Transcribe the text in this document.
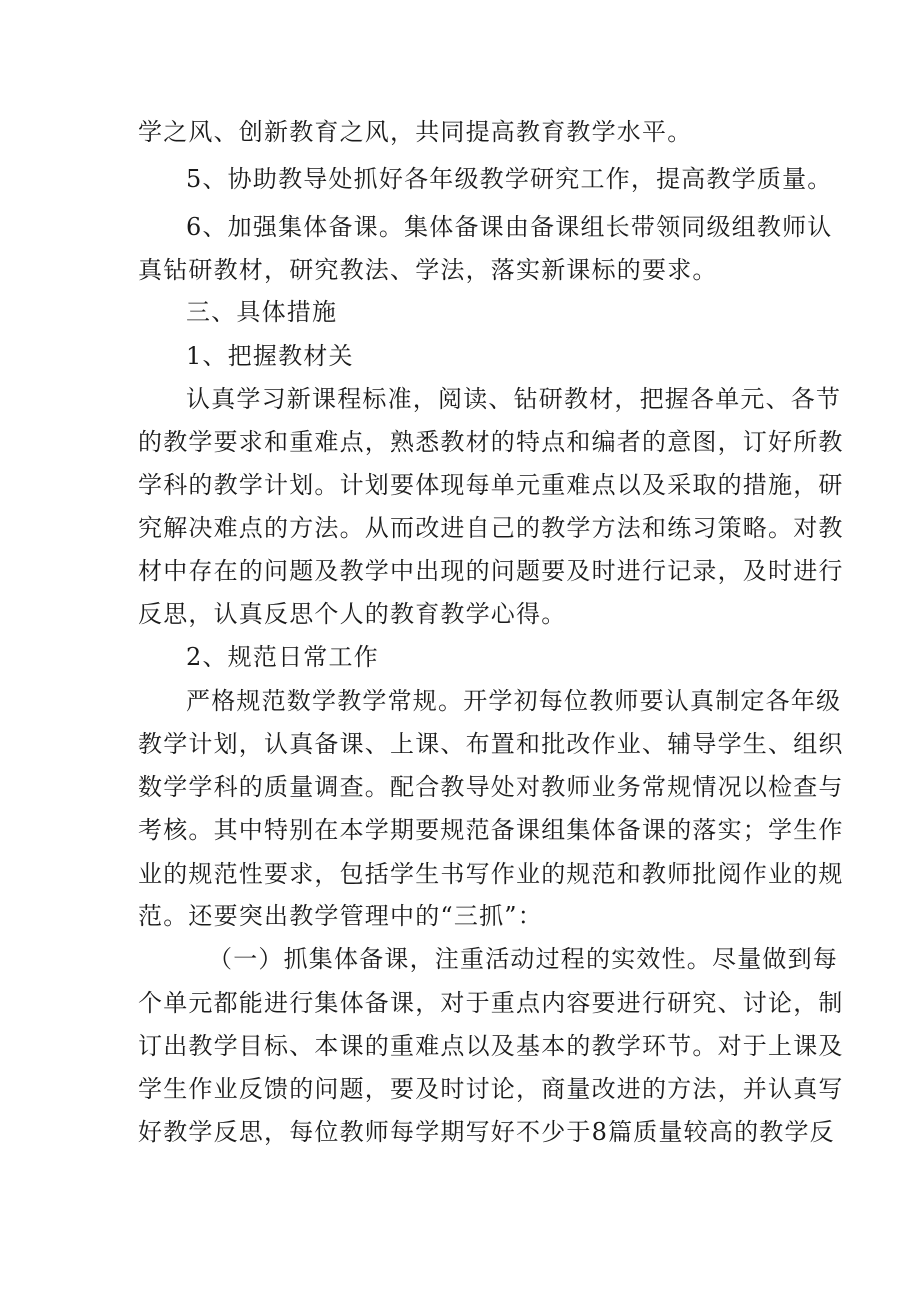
学之风、创新教育之风，共同提高教育教学水平。
5、协助教导处抓好各年级教学研究工作，提高教学质量。
6、加强集体备课。集体备课由备课组长带领同级组教师认
真钻研教材，研究教法、学法，落实新课标的要求。
三、具体措施
1、把握教材关
认真学习新课程标准，阅读、钻研教材，把握各单元、各节
的教学要求和重难点，熟悉教材的特点和编者的意图，订好所教
学科的教学计划。计划要体现每单元重难点以及采取的措施，研
究解决难点的方法。从而改进自己的教学方法和练习策略。对教
材中存在的问题及教学中出现的问题要及时进行记录，及时进行
反思，认真反思个人的教育教学心得。
2、规范日常工作
严格规范数学教学常规。开学初每位教师要认真制定各年级
教学计划，认真备课、上课、布置和批改作业、辅导学生、组织
数学学科的质量调查。配合教导处对教师业务常规情况以检查与
考核。其中特别在本学期要规范备课组集体备课的落实；学生作
业的规范性要求，包括学生书写作业的规范和教师批阅作业的规
范。还要突出教学管理中的“三抓”：
（一）抓集体备课，注重活动过程的实效性。尽量做到每
个单元都能进行集体备课，对于重点内容要进行研究、讨论，制
订出教学目标、本课的重难点以及基本的教学环节。对于上课及
学生作业反馈的问题，要及时讨论，商量改进的方法，并认真写
好教学反思，每位教师每学期写好不少于8篇质量较高的教学反
